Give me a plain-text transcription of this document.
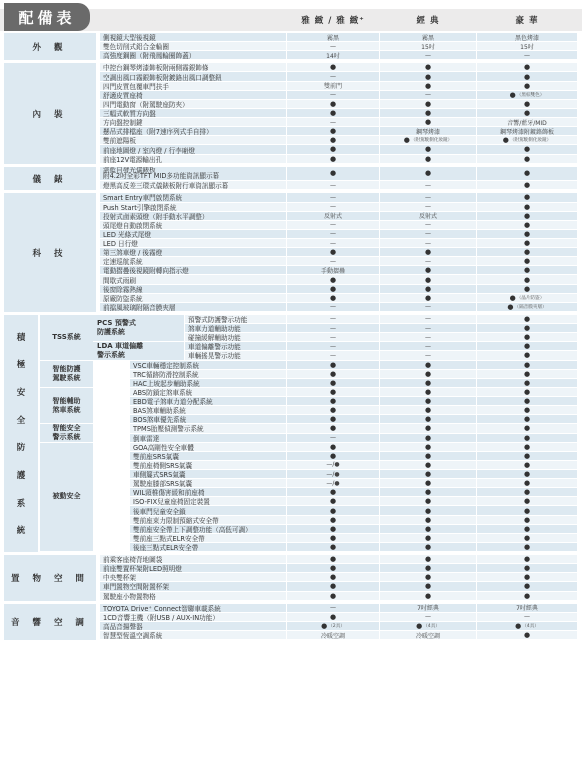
配備表	雅 緻 / 雅 緻⁺	經 典	豪 華
側視鏡大型後視鏡	霧黑	霧黑	黑色烤漆
雙色切削式鋁合金輪圈	—	15吋	15吋
高強度鋼圈（附飛鳳輪圈飾蓋）	14吋	—	—
外 觀
中控台鋼琴烤漆飾板附兩側霧銀飾條	●	●	●
空調出風口霧銀飾板附鍍鉻出風口調整鈕	—	●	●
四門皮質包覆車門扶手	雙前門	●	●
舒適皮質座椅	—	—	● （黑棕雙色）
四門電動窗（附駕駛座防夾）	●	●	●
三幅式軟質方向盤	●	●	●
方向盤控制鍵	—	●	音響/藍牙/MID
懸吊式排檔座（附7速序列式手自排）	●	鋼琴烤漆	鋼琴烤漆附鍍鉻飾板
雙前遮陽板	●	● （附駕駛側化妝鏡）	● （附駕駛側化妝鏡）
前座地圖燈 / 室內燈 / 行李廂燈	●	●	●
前座12V電源輸出孔	●	●	●
內 裝
湛藍自發光儀錶板
附4.2吋全彩TFT MID多功能資訊顯示幕	●	●	●
燈黑高反差三環式儀錶板附行車資訊顯示幕	—	—	●
儀 錶
Smart Entry車門啟閉系統	—	—	●
Push Start引擎啟閉系統	—	—	●
投射式鹵素頭燈（附手動水平調整）	反射式	反射式	●
頭尾燈自動啟閉系統	—	—	●
LED 光條式尾燈	—	—	●
LED 日行燈	—	—	●
第三煞車燈 / 後霧燈	●	●	●
定速巡航系統	—	—	●
電動摺疊後視鏡附轉向指示燈	手動摺疊	●	●
間歇式雨刷	●	●	●
後窗除霧熱線	●	●	●
原廠防盜系統	●	●	● （晶片防盜）
前擋風玻璃附隔音膜夾層	—	—	● （隔音膜夾層）
科 技
預警式防護警示功能	—	—	●
煞車力道輔助功能	—	—	●
碰撞緩解輔助功能	—	—	●
車道偏離警示功能	—	—	●
車輛搖晃警示功能	—	—	●
PCS 預警式
防護系統
LDA 車道偏離
警示系統
TSS系統
VSC車輛穩定控制系統	●	●	●
TRC循跡防滑控制系統	●	●	●
HAC上坡起步輔助系統	●	●	●
智能防護
駕駛系統
ABS防鎖定煞車系統	●	●	●
EBD電子煞車力道分配系統	●	●	●
BAS煞車輔助系統	●	●	●
BOS煞車優先系統	●	●	●
智能輔助
煞車系統
TPMS胎壓偵測警示系統	●	●	●
倒車雷達	—	●	●
智能安全
警示系統
GOA高剛性安全車體	●	●	●
雙前座SRS氣囊	●	●	●
雙前座椅側SRS氣囊	—/●	●	●
車側簾式SRS氣囊	—/●	●	●
駕駛座膝部SRS氣囊	—/●	●	●
WIL頸椎傷害緩和前座椅	●	●	●
ISO-FIX兒童座椅固定裝置	●	●	●
後車門兒童安全鎖	●	●	●
雙前座束力限制預縮式安全帶	●	●	●
雙前座安全帶上下調整功能（高低可調）	●	●	●
雙前座三點式ELR安全帶	●	●	●
後座三點式ELR安全帶	●	●	●
被動安全
積
極
安
全
防
護
系
統
前乘客座椅背地圖袋	●	●	●
前座雙置杯架附LED照明燈	●	●	●
中央雙杯架	●	●	●
車門置物空間附置杯架	●	●	●
駕駛座小物置物格	●	●	●
置 物 空 間
TOYOTA Drive⁺ Connect智聯車載系統	—	7吋經典	7吋經典
1CD音響主機（附USB / AUX-IN功能）	●	—	—
高品音揚聲器	● （2具）	● （4具）	● （4具）
智慧型恆溫空調系統	冷暖空調	冷暖空調	●
音 響 空 調
